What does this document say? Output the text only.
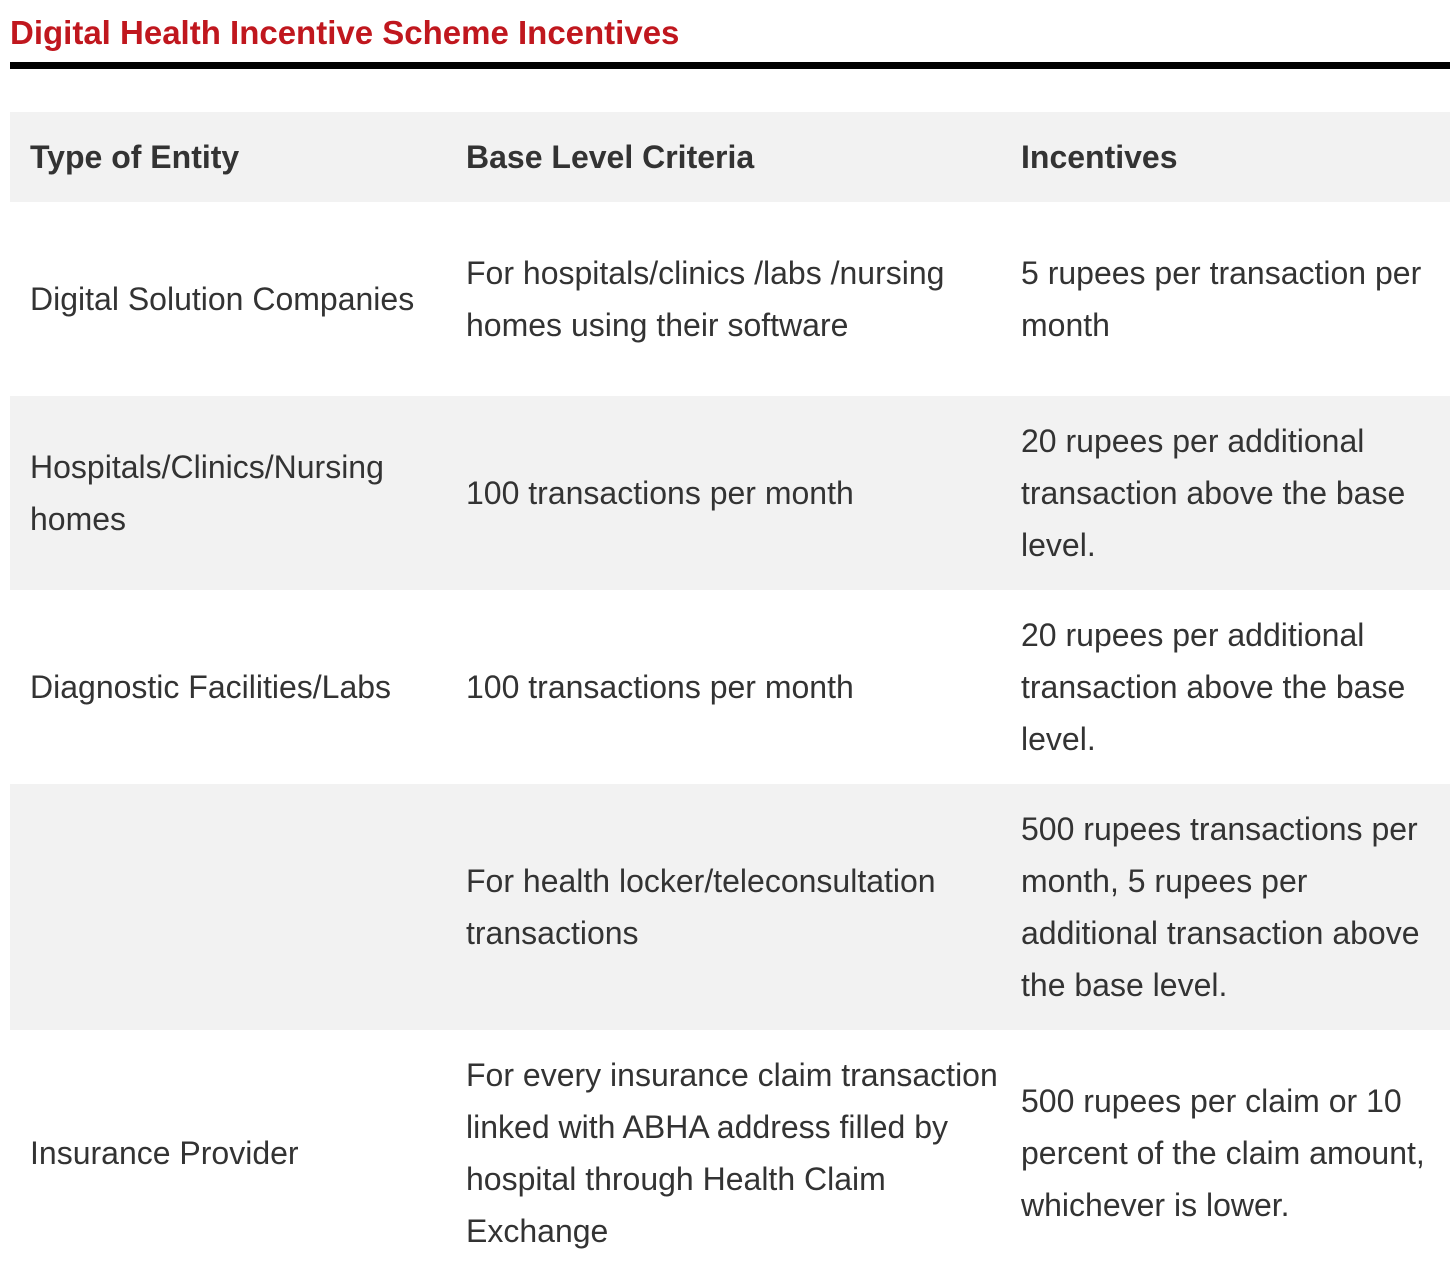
Digital Health Incentive Scheme Incentives
Type of Entity	Base Level Criteria	Incentives
Digital Solution Companies	For hospitals/clinics /labs /nursing homes using their software	5 rupees per transaction per month
Hospitals/Clinics/Nursing homes	100 transactions per month	20 rupees per additional transaction above the base level.
Diagnostic Facilities/Labs	100 transactions per month	20 rupees per additional transaction above the base level.
	For health locker/teleconsultation transactions	500 rupees transactions per month, 5 rupees per additional transaction above the base level.
Insurance Provider	For every insurance claim transaction linked with ABHA address filled by hospital through Health Claim Exchange	500 rupees per claim or 10 percent of the claim amount, whichever is lower.
